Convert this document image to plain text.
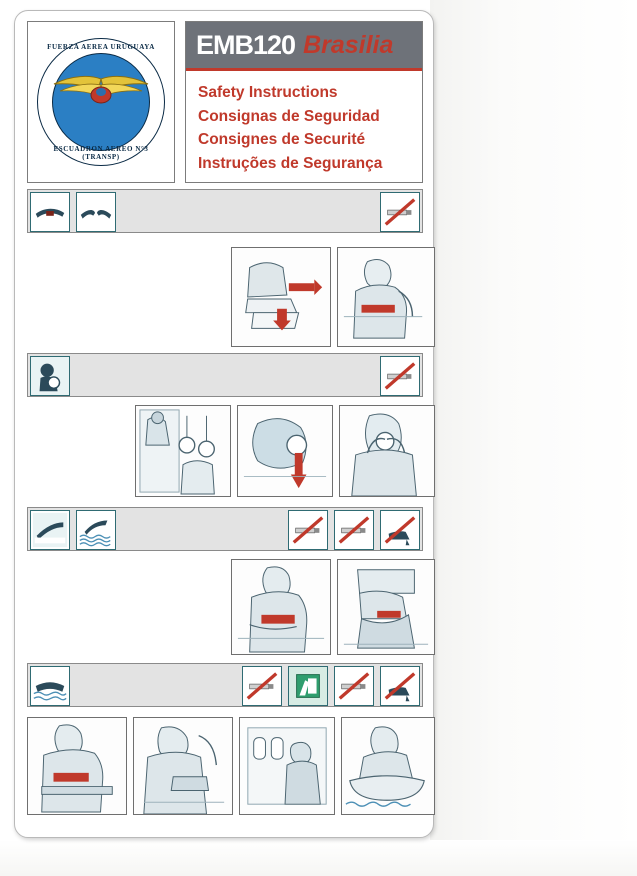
FUERZA AEREA URUGUAYA
ESCUADRON AEREO N°3 (TRANSP)
EMB 120 Brasilia
Safety Instructions
Consignas de Seguridad
Consignes de Securité
Instruções de Segurança
